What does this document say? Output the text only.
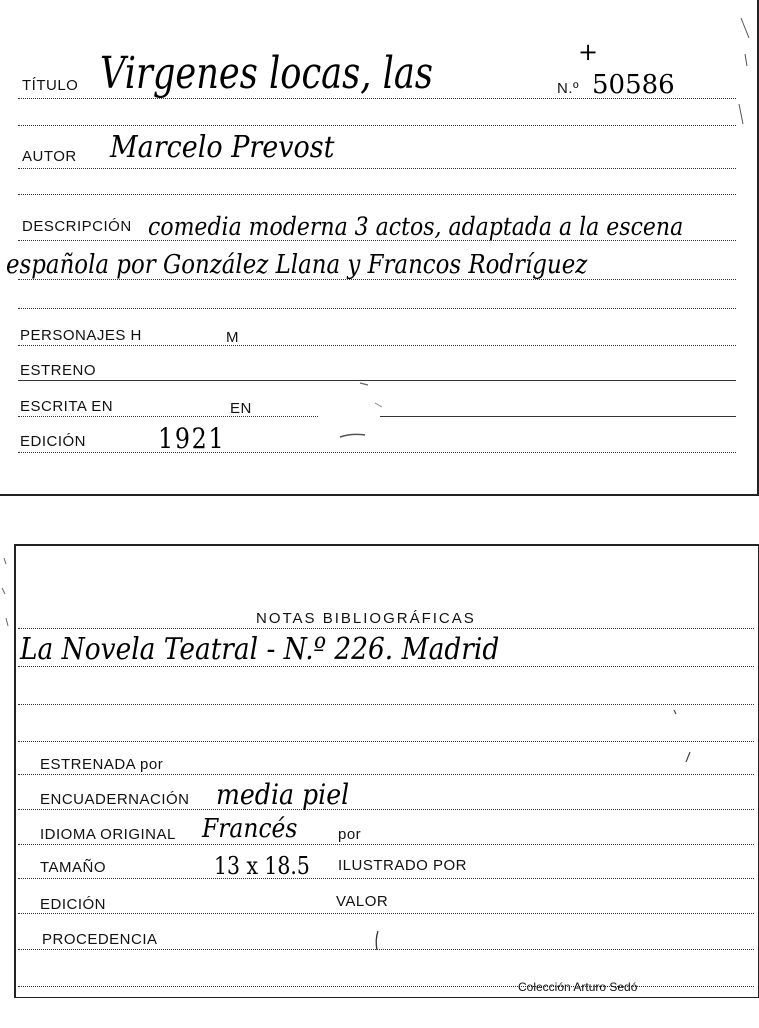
TÍTULO Virgenes locas, las	N.º 50586
+
AUTOR Marcelo Prevost
DESCRIPCIÓN comedia moderna 3 actos, adaptada a la escena
española por González Llana y Francos Rodríguez
PERSONAJES H	M
ESTRENO
ESCRITA EN	EN
EDICIÓN	1921
NOTAS BIBLIOGRÁFICAS
La Novela Teatral - N.º 226. Madrid
ESTRENADA por
ENCUADERNACIÓN media piel
IDIOMA ORIGINAL Francés	por
TAMAÑO	13 x 18.5 ILUSTRADO POR
EDICIÓN	VALOR
PROCEDENCIA
Colección Arturo Sedó
